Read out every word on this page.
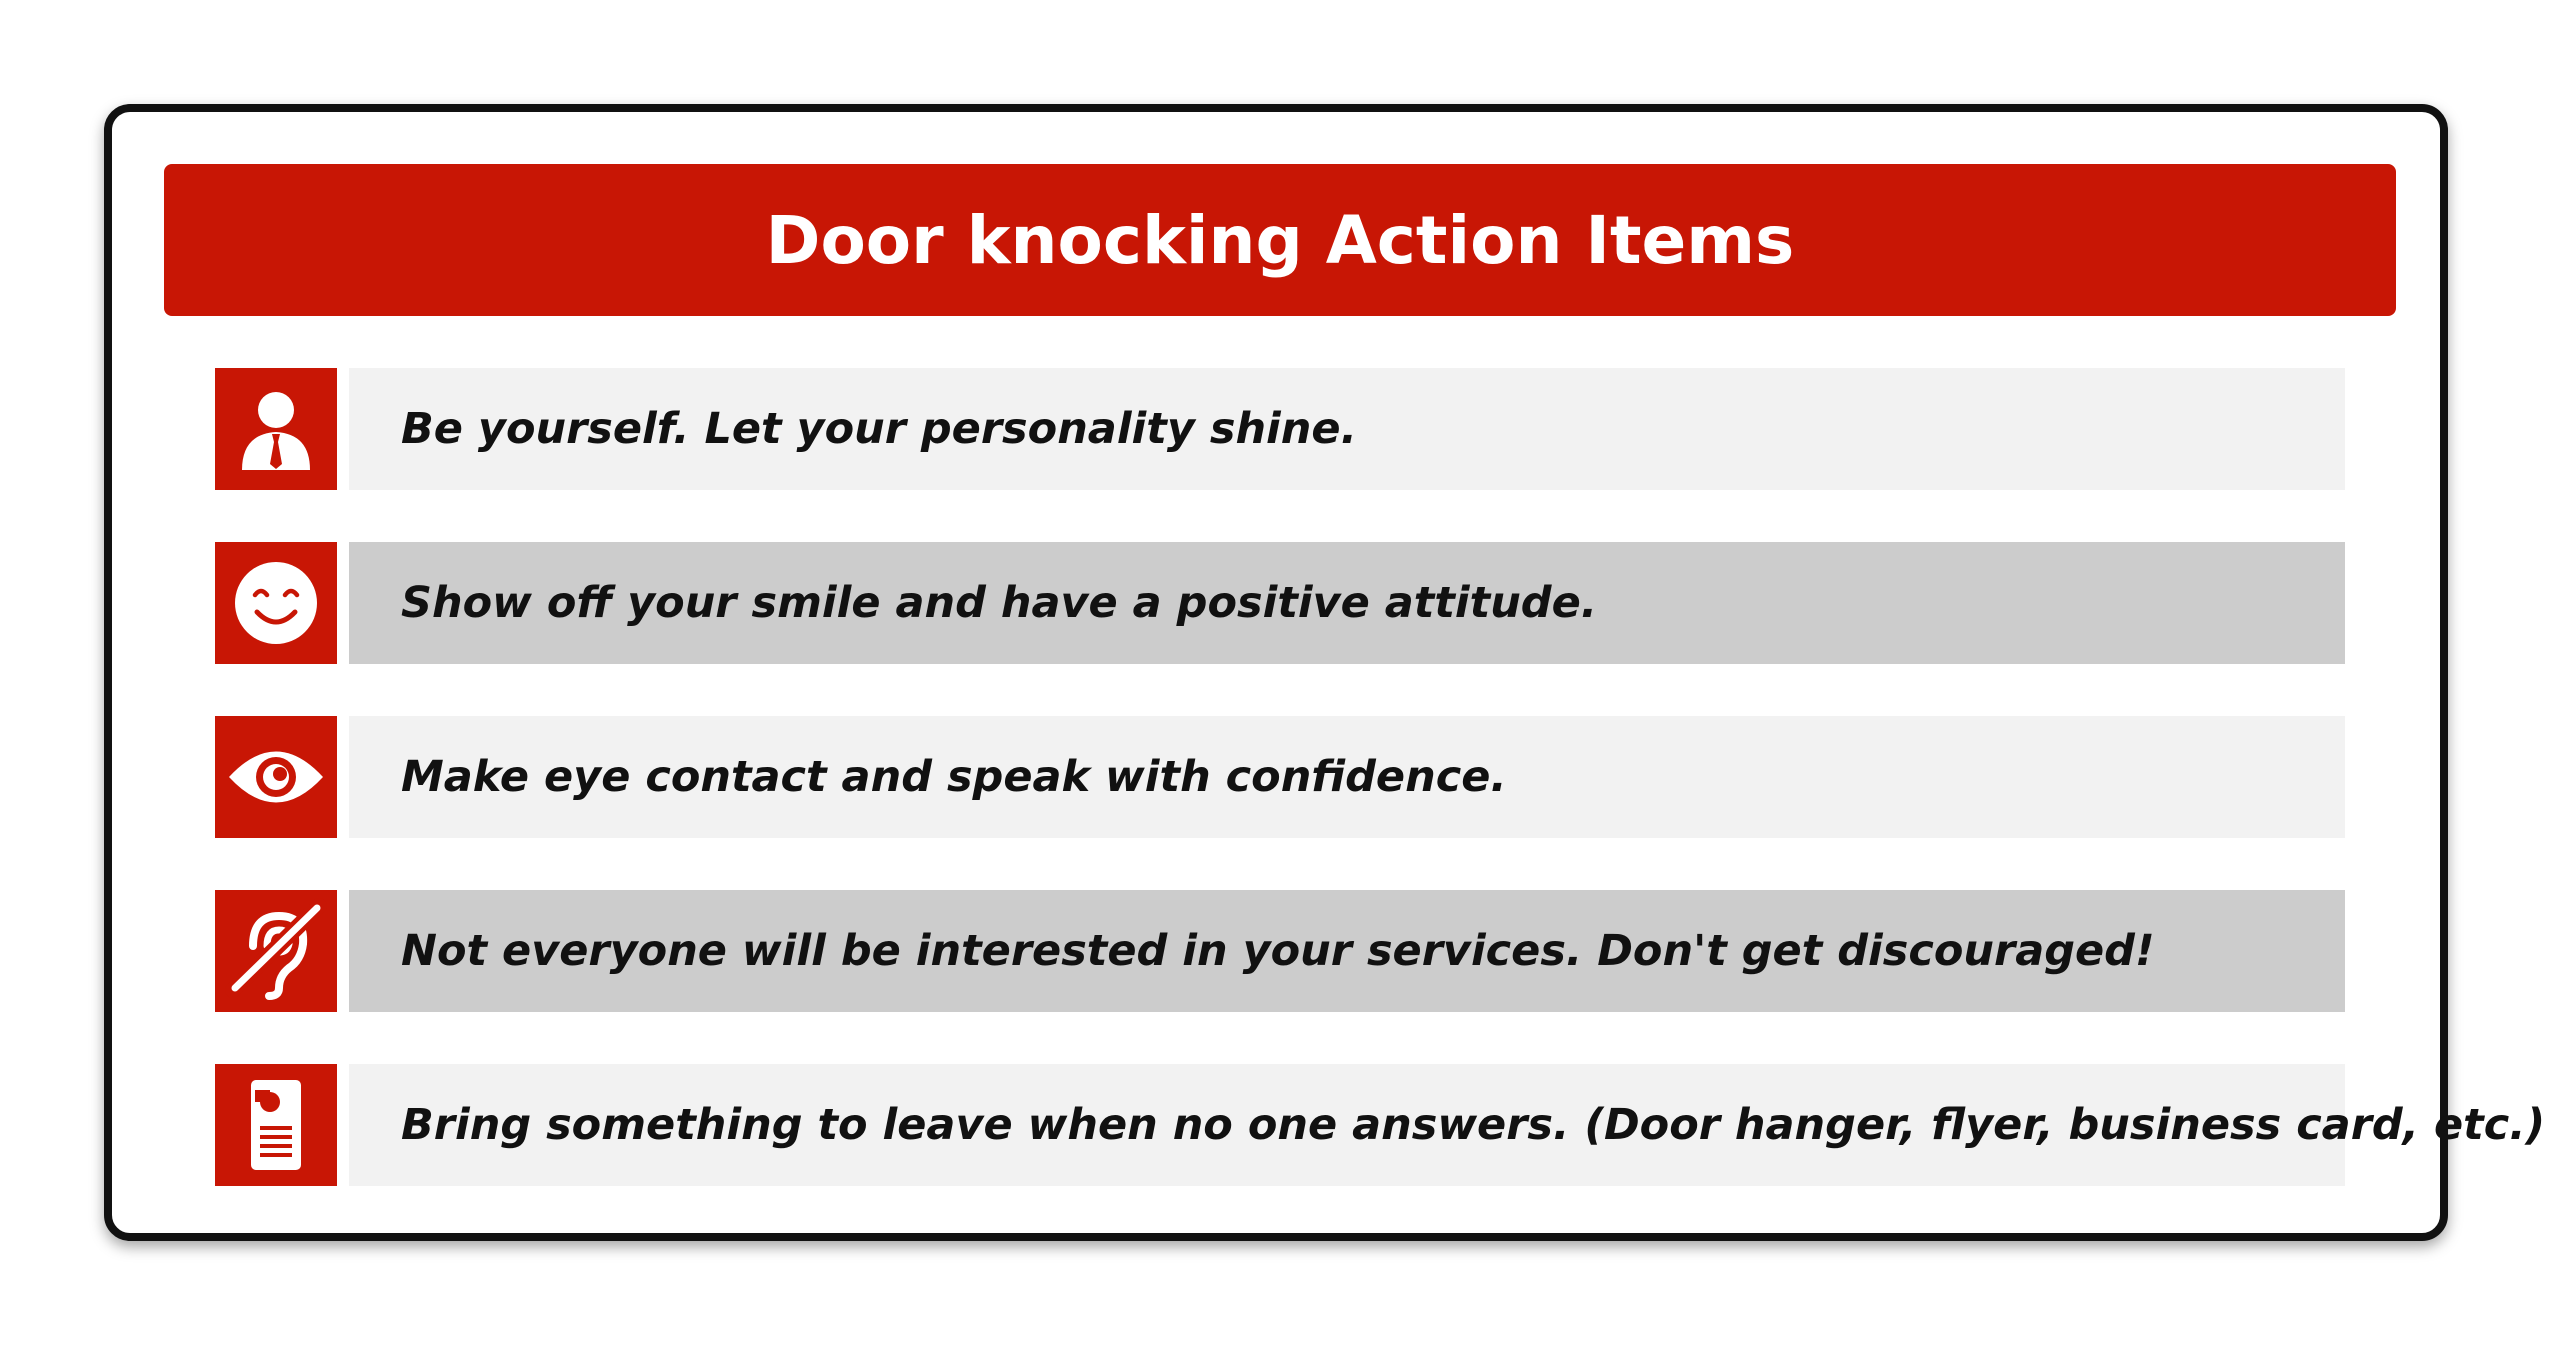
Door knocking Action Items
Be yourself. Let your personality shine.
Show off your smile and have a positive attitude.
Make eye contact and speak with confidence.
Not everyone will be interested in your services. Don't get discouraged!
Bring something to leave when no one answers. (Door hanger, flyer, business card, etc.)
